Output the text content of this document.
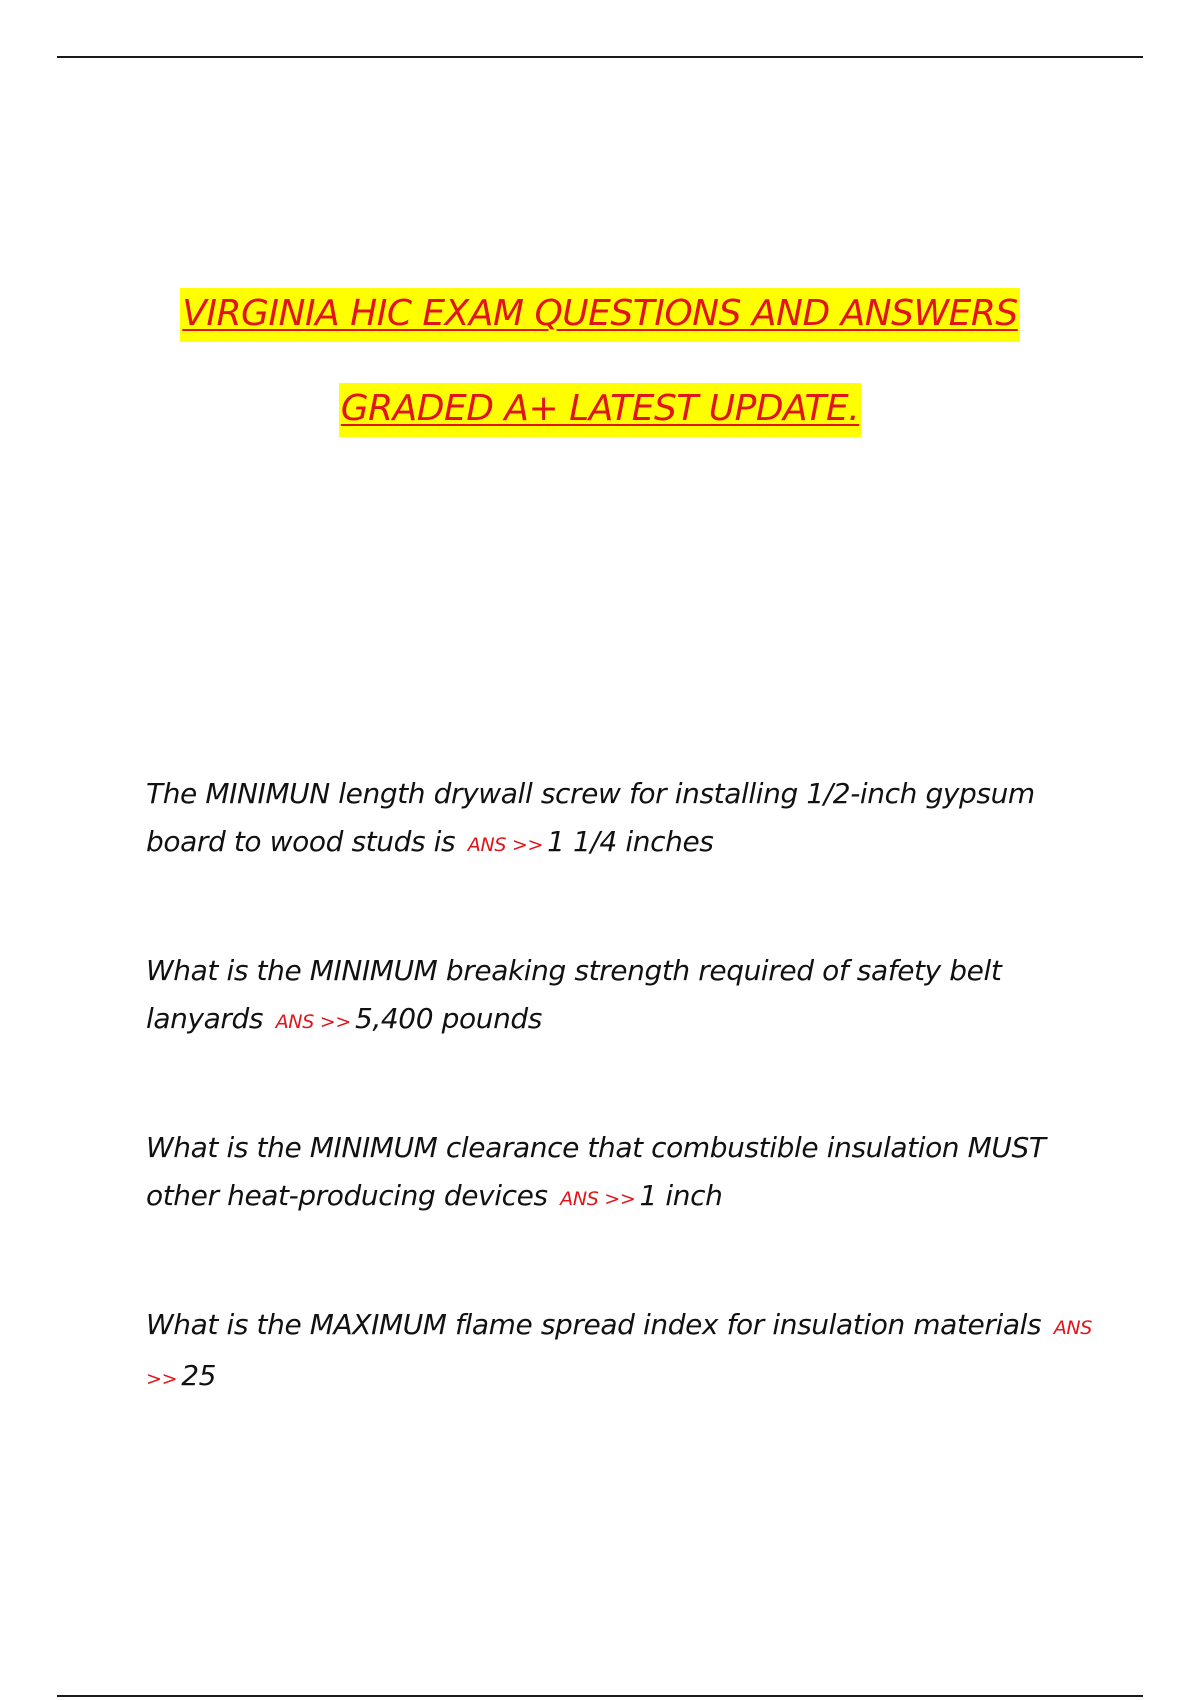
VIRGINIA HIC EXAM QUESTIONS AND ANSWERS
GRADED A+ LATEST UPDATE.
The MINIMUN length drywall screw for installing 1/2-inch gypsum board to wood studs is ANS >> 1 1/4 inches
What is the MINIMUM breaking strength required of safety belt lanyards ANS >> 5,400 pounds
What is the MINIMUM clearance that combustible insulation MUST other heat-producing devices ANS >> 1 inch
What is the MAXIMUM flame spread index for insulation materials ANS >> 25
